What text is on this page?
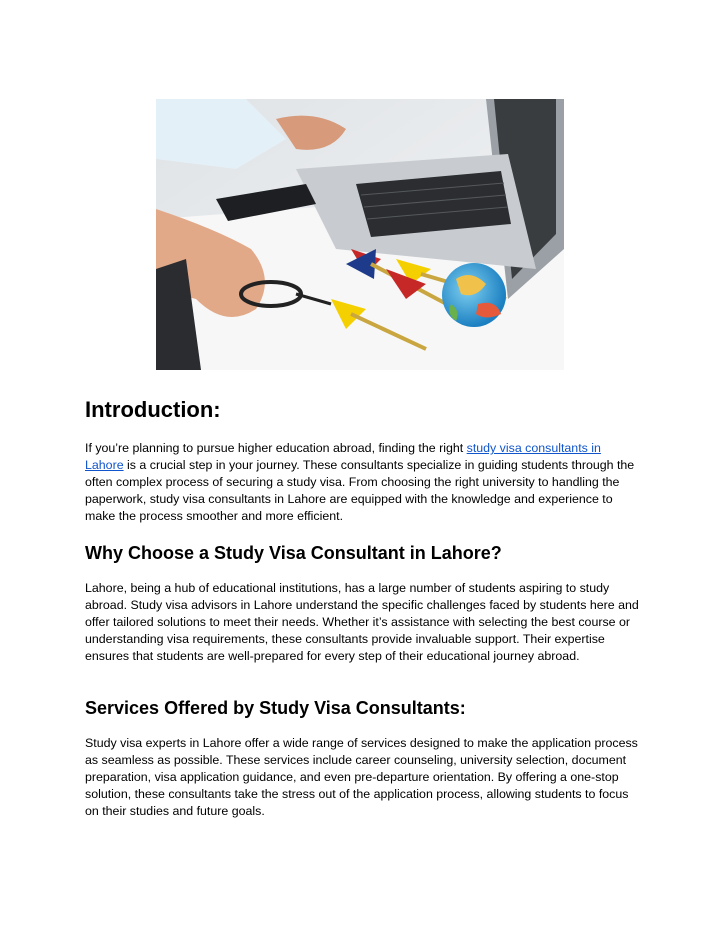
Introduction:

If you’re planning to pursue higher education abroad, finding the right study visa consultants in Lahore is a crucial step in your journey. These consultants specialize in guiding students through the often complex process of securing a study visa. From choosing the right university to handling the paperwork, study visa consultants in Lahore are equipped with the knowledge and experience to make the process smoother and more efficient.

Why Choose a Study Visa Consultant in Lahore?

Lahore, being a hub of educational institutions, has a large number of students aspiring to study abroad. Study visa advisors in Lahore understand the specific challenges faced by students here and offer tailored solutions to meet their needs. Whether it’s assistance with selecting the best course or understanding visa requirements, these consultants provide invaluable support. Their expertise ensures that students are well-prepared for every step of their educational journey abroad.

Services Offered by Study Visa Consultants:

Study visa experts in Lahore offer a wide range of services designed to make the application process as seamless as possible. These services include career counseling, university selection, document preparation, visa application guidance, and even pre-departure orientation. By offering a one-stop solution, these consultants take the stress out of the application process, allowing students to focus on their studies and future goals.
